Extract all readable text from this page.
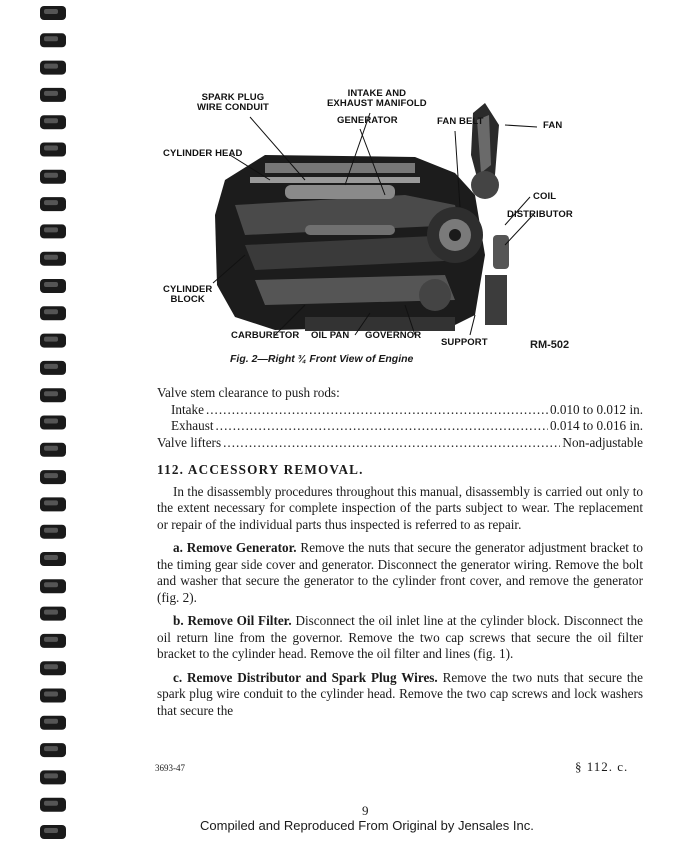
SPARK PLUG
WIRE CONDUIT
INTAKE AND
EXHAUST MANIFOLD
GENERATOR	FAN BELT	FAN
CYLINDER HEAD
COIL
DISTRIBUTOR
CYLINDER
BLOCK
CARBURETOR OIL PAN GOVERNOR
SUPPORT	RM-502
Fig. 2—Right ¾ Front View of Engine
Valve stem clearance to push rods:
Intake .....	0.010 to 0.012 in.
Exhaust .....	0.014 to 0.016 in.
Valve lifters .....	Non-adjustable
112. ACCESSORY REMOVAL.

In the disassembly procedures throughout this manual, disassembly is carried out only to the extent necessary for complete inspection of the parts subject to wear. The replacement or repair of the individual parts thus inspected is referred to as repair.

a. Remove Generator. Remove the nuts that secure the generator adjustment bracket to the timing gear side cover and generator. Disconnect the generator wiring. Remove the bolt and washer that secure the generator to the cylinder front cover, and remove the generator (fig. 2).

b. Remove Oil Filter. Disconnect the oil inlet line at the cylinder block. Disconnect the oil return line from the governor. Remove the two cap screws that secure the oil filter bracket to the cylinder head. Remove the oil filter and lines (fig. 1).

c. Remove Distributor and Spark Plug Wires. Remove the two nuts that secure the spark plug wire conduit to the cylinder head. Remove the two cap screws and lock washers that secure the

3693-47	§ 112. c.
9
Compiled and Reproduced From Original by Jensales Inc.
